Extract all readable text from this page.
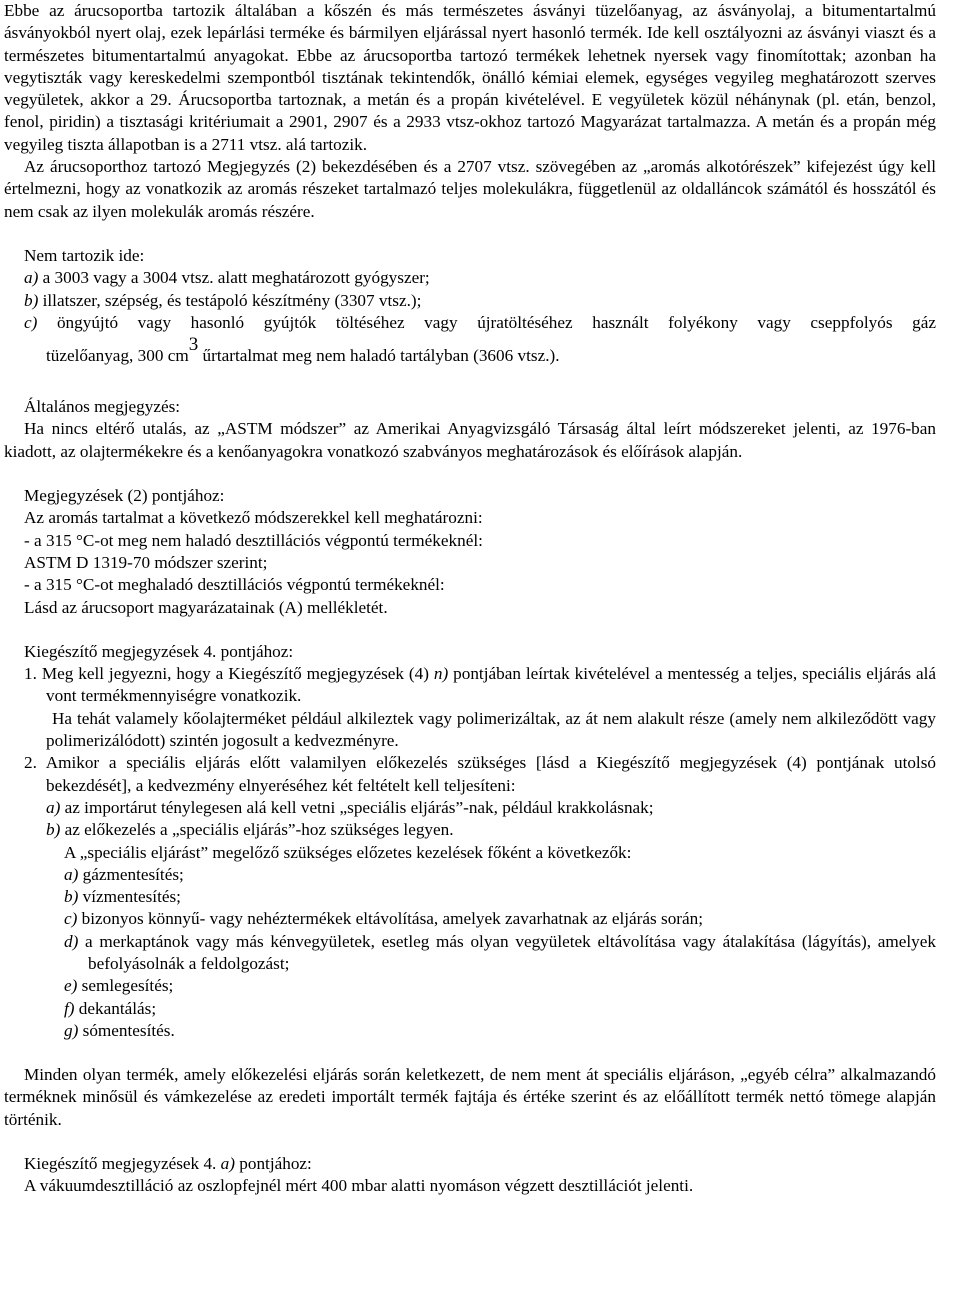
Ebbe az árucsoportba tartozik általában a kőszén és más természetes ásványi tüzelőanyag, az ásványolaj, a bitumentartalmú ásványokból nyert olaj, ezek lepárlási terméke és bármilyen eljárással nyert hasonló termék. Ide kell osztályozni az ásványi viaszt és a természetes bitumentartalmú anyagokat. Ebbe az árucsoportba tartozó termékek lehetnek nyersek vagy finomítottak; azonban ha vegytiszták vagy kereskedelmi szempontból tisztának tekintendők, önálló kémiai elemek, egységes vegyileg meghatározott szerves vegyületek, akkor a 29. Árucsoportba tartoznak, a metán és a propán kivételével. E vegyületek közül néhánynak (pl. etán, benzol, fenol, piridin) a tisztasági kritériumait a 2901, 2907 és a 2933 vtsz-okhoz tartozó Magyarázat tartalmazza. A metán és a propán még vegyileg tiszta állapotban is a 2711 vtsz. alá tartozik.

Az árucsoporthoz tartozó Megjegyzés (2) bekezdésében és a 2707 vtsz. szövegében az „aromás alkotórészek” kifejezést úgy kell értelmezni, hogy az vonatkozik az aromás részeket tartalmazó teljes molekulákra, függetlenül az oldalláncok számától és hosszától és nem csak az ilyen molekulák aromás részére.

Nem tartozik ide:

a) a 3003 vagy a 3004 vtsz. alatt meghatározott gyógyszer;

b) illatszer, szépség, és testápoló készítmény (3307 vtsz.);

c) öngyújtó vagy hasonló gyújtók töltéséhez vagy újratöltéséhez használt folyékony vagy cseppfolyós gáz

tüzelőanyag, 300 cm3 űrtartalmat meg nem haladó tartályban (3606 vtsz.).

Általános megjegyzés:

Ha nincs eltérő utalás, az „ASTM módszer” az Amerikai Anyagvizsgáló Társaság által leírt módszereket jelenti, az 1976-ban kiadott, az olajtermékekre és a kenőanyagokra vonatkozó szabványos meghatározások és előírások alapján.

Megjegyzések (2) pontjához:

Az aromás tartalmat a következő módszerekkel kell meghatározni:

- a 315 °C-ot meg nem haladó desztillációs végpontú termékeknél:

ASTM D 1319-70 módszer szerint;

- a 315 °C-ot meghaladó desztillációs végpontú termékeknél:

Lásd az árucsoport magyarázatainak (A) mellékletét.

Kiegészítő megjegyzések 4. pontjához:

1. Meg kell jegyezni, hogy a Kiegészítő megjegyzések (4) n) pontjában leírtak kivételével a mentesség a teljes, speciális eljárás alá vont termékmennyiségre vonatkozik.

Ha tehát valamely kőolajterméket például alkileztek vagy polimerizáltak, az át nem alakult része (amely nem alkileződött vagy polimerizálódott) szintén jogosult a kedvezményre.

2. Amikor a speciális eljárás előtt valamilyen előkezelés szükséges [lásd a Kiegészítő megjegyzések (4) pontjának utolsó bekezdését], a kedvezmény elnyeréséhez két feltételt kell teljesíteni:

a) az importárut ténylegesen alá kell vetni „speciális eljárás”-nak, például krakkolásnak;

b) az előkezelés a „speciális eljárás”-hoz szükséges legyen.

A „speciális eljárást” megelőző szükséges előzetes kezelések főként a következők:

a) gázmentesítés;

b) vízmentesítés;

c) bizonyos könnyű- vagy nehéztermékek eltávolítása, amelyek zavarhatnak az eljárás során;

d) a merkaptánok vagy más kénvegyületek, esetleg más olyan vegyületek eltávolítása vagy átalakítása (lágyítás), amelyek befolyásolnák a feldolgozást;

e) semlegesítés;

f) dekantálás;

g) sómentesítés.

Minden olyan termék, amely előkezelési eljárás során keletkezett, de nem ment át speciális eljáráson, „egyéb célra” alkalmazandó terméknek minősül és vámkezelése az eredeti importált termék fajtája és értéke szerint és az előállított termék nettó tömege alapján történik.

Kiegészítő megjegyzések 4. a) pontjához:

A vákuumdesztilláció az oszlopfejnél mért 400 mbar alatti nyomáson végzett desztillációt jelenti.
